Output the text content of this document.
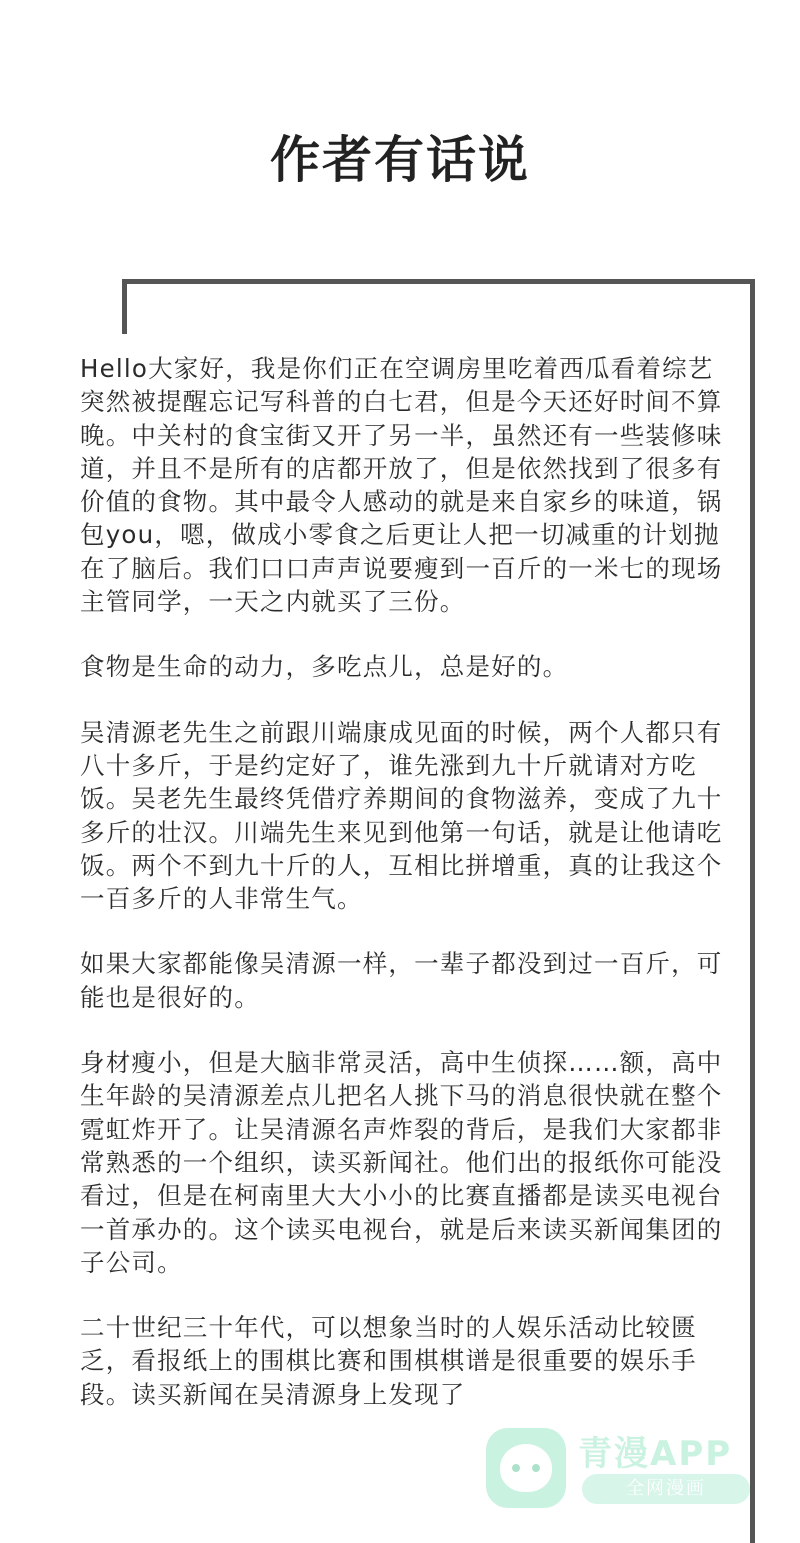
作者有话说

Hello大家好，我是你们正在空调房里吃着西瓜看着综艺突然被提醒忘记写科普的白七君，但是今天还好时间不算晚。中关村的食宝街又开了另一半，虽然还有一些装修味道，并且不是所有的店都开放了，但是依然找到了很多有价值的食物。其中最令人感动的就是来自家乡的味道，锅包you，嗯，做成小零食之后更让人把一切减重的计划抛在了脑后。我们口口声声说要瘦到一百斤的一米七的现场主管同学，一天之内就买了三份。

食物是生命的动力，多吃点儿，总是好的。

吴清源老先生之前跟川端康成见面的时候，两个人都只有八十多斤，于是约定好了，谁先涨到九十斤就请对方吃饭。吴老先生最终凭借疗养期间的食物滋养，变成了九十多斤的壮汉。川端先生来见到他第一句话，就是让他请吃饭。两个不到九十斤的人，互相比拼增重，真的让我这个一百多斤的人非常生气。

如果大家都能像吴清源一样，一辈子都没到过一百斤，可能也是很好的。

身材瘦小，但是大脑非常灵活，高中生侦探……额，高中生年龄的吴清源差点儿把名人挑下马的消息很快就在整个霓虹炸开了。让吴清源名声炸裂的背后，是我们大家都非常熟悉的一个组织，读买新闻社。他们出的报纸你可能没看过，但是在柯南里大大小小的比赛直播都是读买电视台一首承办的。这个读买电视台，就是后来读买新闻集团的子公司。

二十世纪三十年代，可以想象当时的人娱乐活动比较匮乏，看报纸上的围棋比赛和围棋棋谱是很重要的娱乐手段。读买新闻在吴清源身上发现了

青漫APP
全网漫画
